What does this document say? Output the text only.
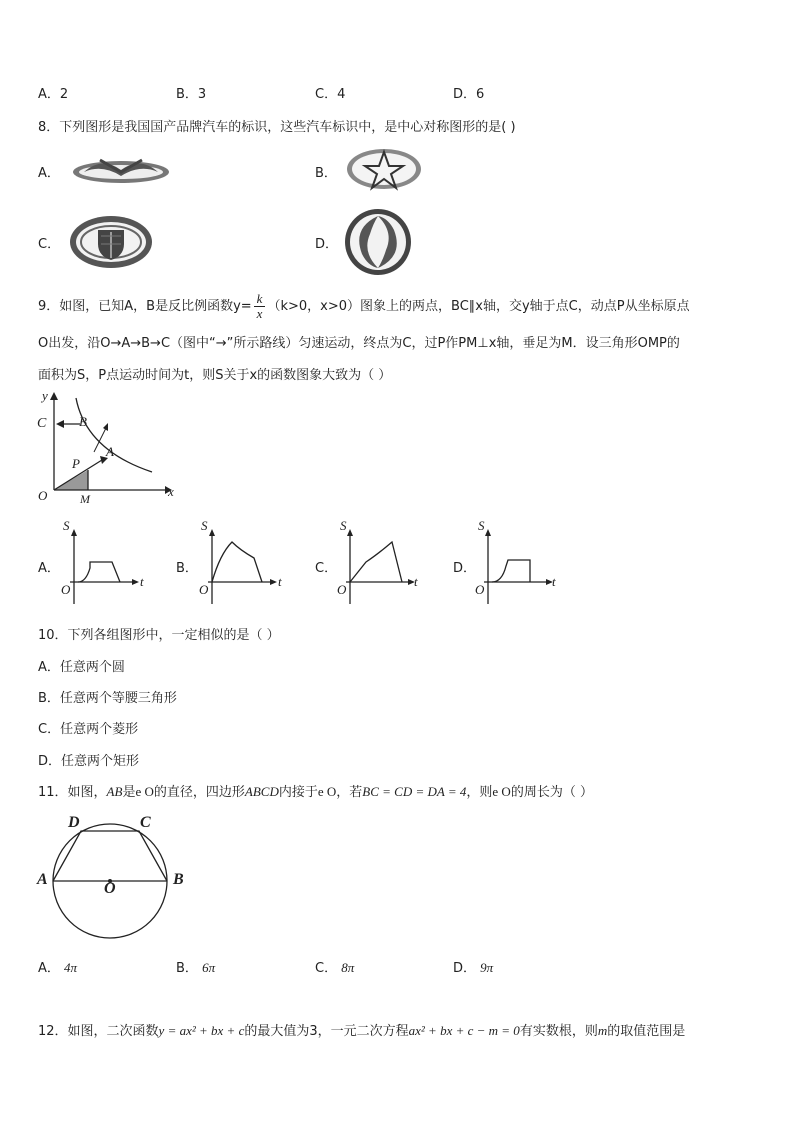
A．2	B．3	C．4	D．6
8．下列图形是我国国产品牌汽车的标识，这些汽车标识中，是中心对称图形的是( )
A．	B．
C．	D．
9．如图，已知A，B是反比例函数$y= \frac{k}{x} (k>0$，x>0）图象上的两点，BC∥x轴，交y轴于点C，动点P从坐标原点
O出发，沿O→A→B→C（图中“→”所示路线）匀速运动，终点为C，过P作PM⊥x轴，垂足为M．设三角形OMP的
面积为S，P点运动时间为t，则S关于x的函数图象大致为（ ）
y
x
C	B
A
P
O	M
A．
S
O
t
B．
S
O
t
C．
S
O
t
D．
S
O
t
10．下列各组图形中，一定相似的是（ ）
A．任意两个圆
B．任意两个等腰三角形
C．任意两个菱形
D．任意两个矩形
11．如图，AB是e O的直径，四边形ABCD内接于e O，若BC = CD = DA = 4，则e O的周长为（ ）
D	C
A	B
O
A． 4π	B． 6π	C． 8π	D． 9π
12．如图，二次函数y = ax² + bx + c的最大值为3，一元二次方程ax² + bx + c − m = 0有实数根，则m的取值范围是
